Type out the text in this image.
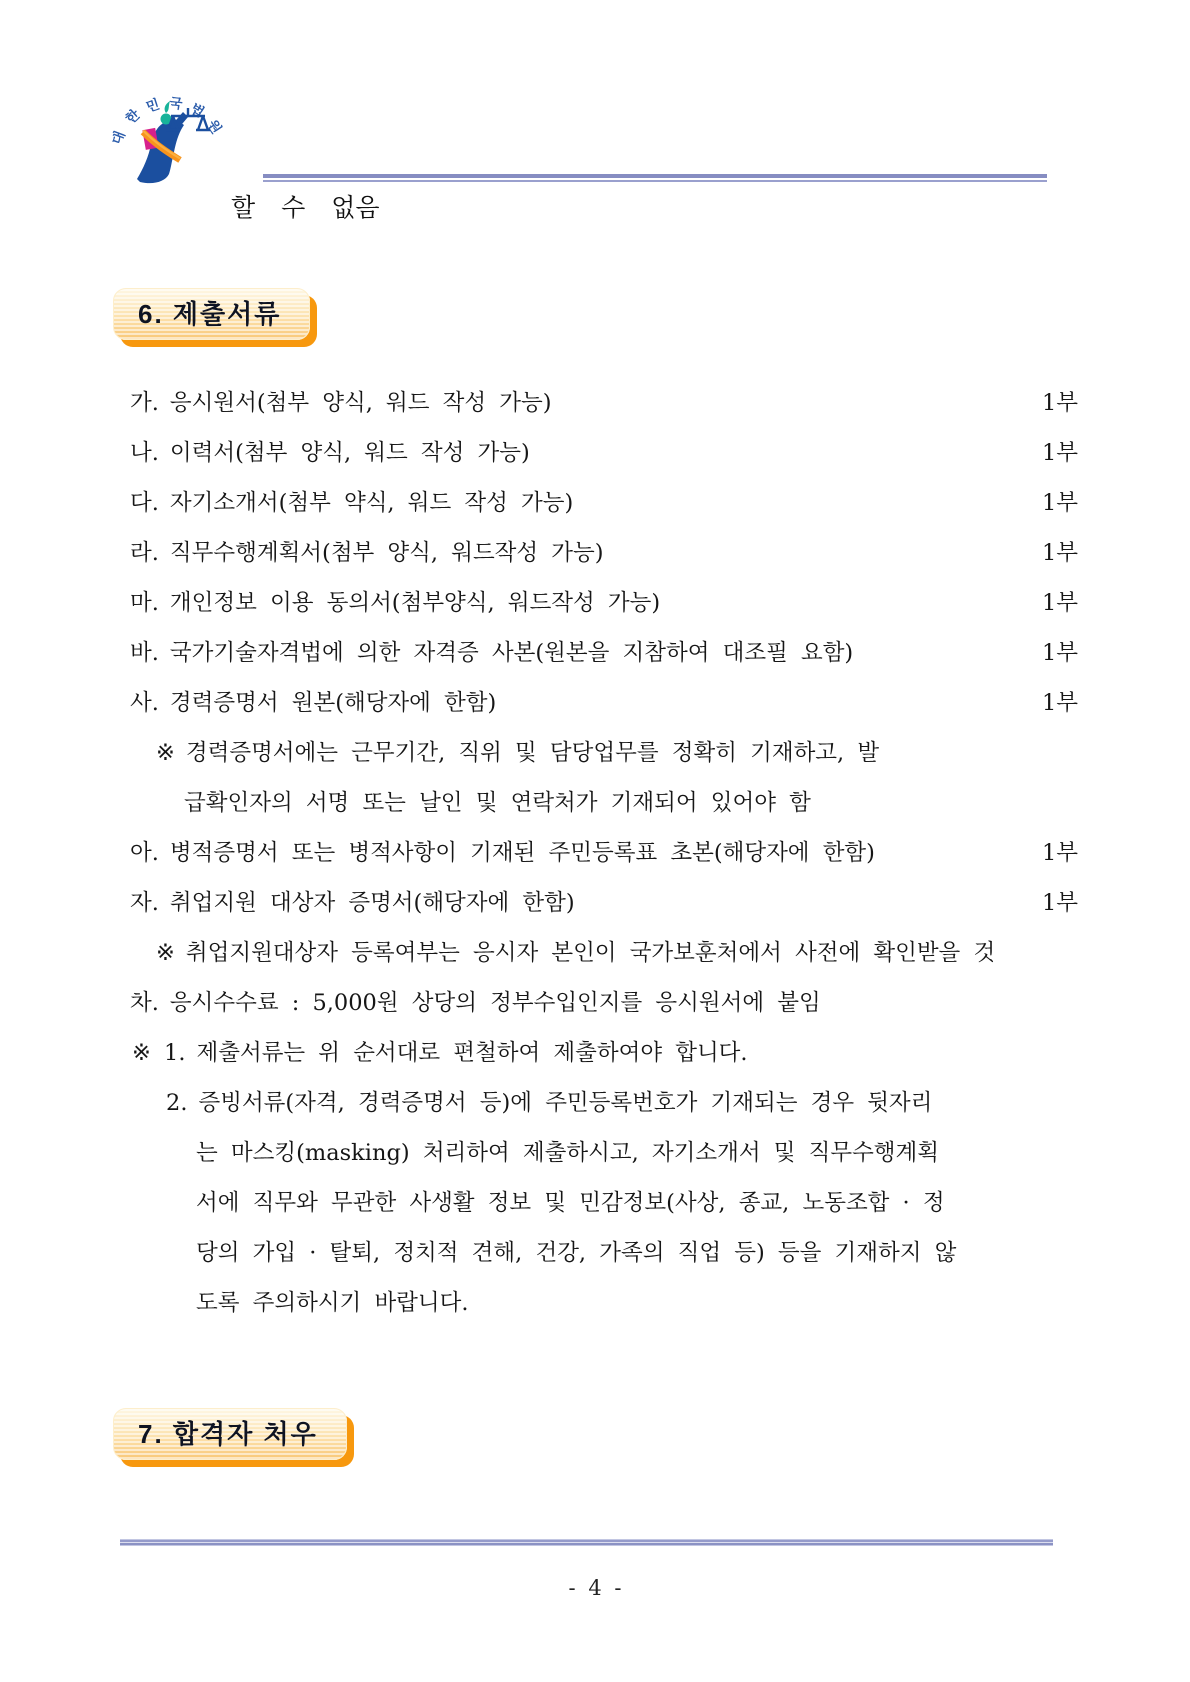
대
한
민 국 법
원
할 수 없음
6. 제출서류
가. 응시원서(첨부 양식, 워드 작성 가능)	1부
나. 이력서(첨부 양식, 워드 작성 가능)	1부
다. 자기소개서(첨부 약식, 워드 작성 가능)	1부
라. 직무수행계획서(첨부 양식, 워드작성 가능)	1부
마. 개인정보 이용 동의서(첨부양식, 워드작성 가능)	1부
바. 국가기술자격법에 의한 자격증 사본(원본을 지참하여 대조필 요함)	1부
사. 경력증명서 원본(해당자에 한함)	1부
※ 경력증명서에는 근무기간, 직위 및 담당업무를 정확히 기재하고, 발
급확인자의 서명 또는 날인 및 연락처가 기재되어 있어야 함
아. 병적증명서 또는 병적사항이 기재된 주민등록표 초본(해당자에 한함)	1부
자. 취업지원 대상자 증명서(해당자에 한함)	1부
※ 취업지원대상자 등록여부는 응시자 본인이 국가보훈처에서 사전에 확인받을 것
차. 응시수수료 : 5,000원 상당의 정부수입인지를 응시원서에 붙임
※ 1. 제출서류는 위 순서대로 편철하여 제출하여야 합니다.
2. 증빙서류(자격, 경력증명서 등)에 주민등록번호가 기재되는 경우 뒷자리
는 마스킹(masking) 처리하여 제출하시고, 자기소개서 및 직무수행계획
서에 직무와 무관한 사생활 정보 및 민감정보(사상, 종교, 노동조합 · 정
당의 가입 · 탈퇴, 정치적 견해, 건강, 가족의 직업 등) 등을 기재하지 않
도록 주의하시기 바랍니다.
7. 합격자 처우
- 4 -
